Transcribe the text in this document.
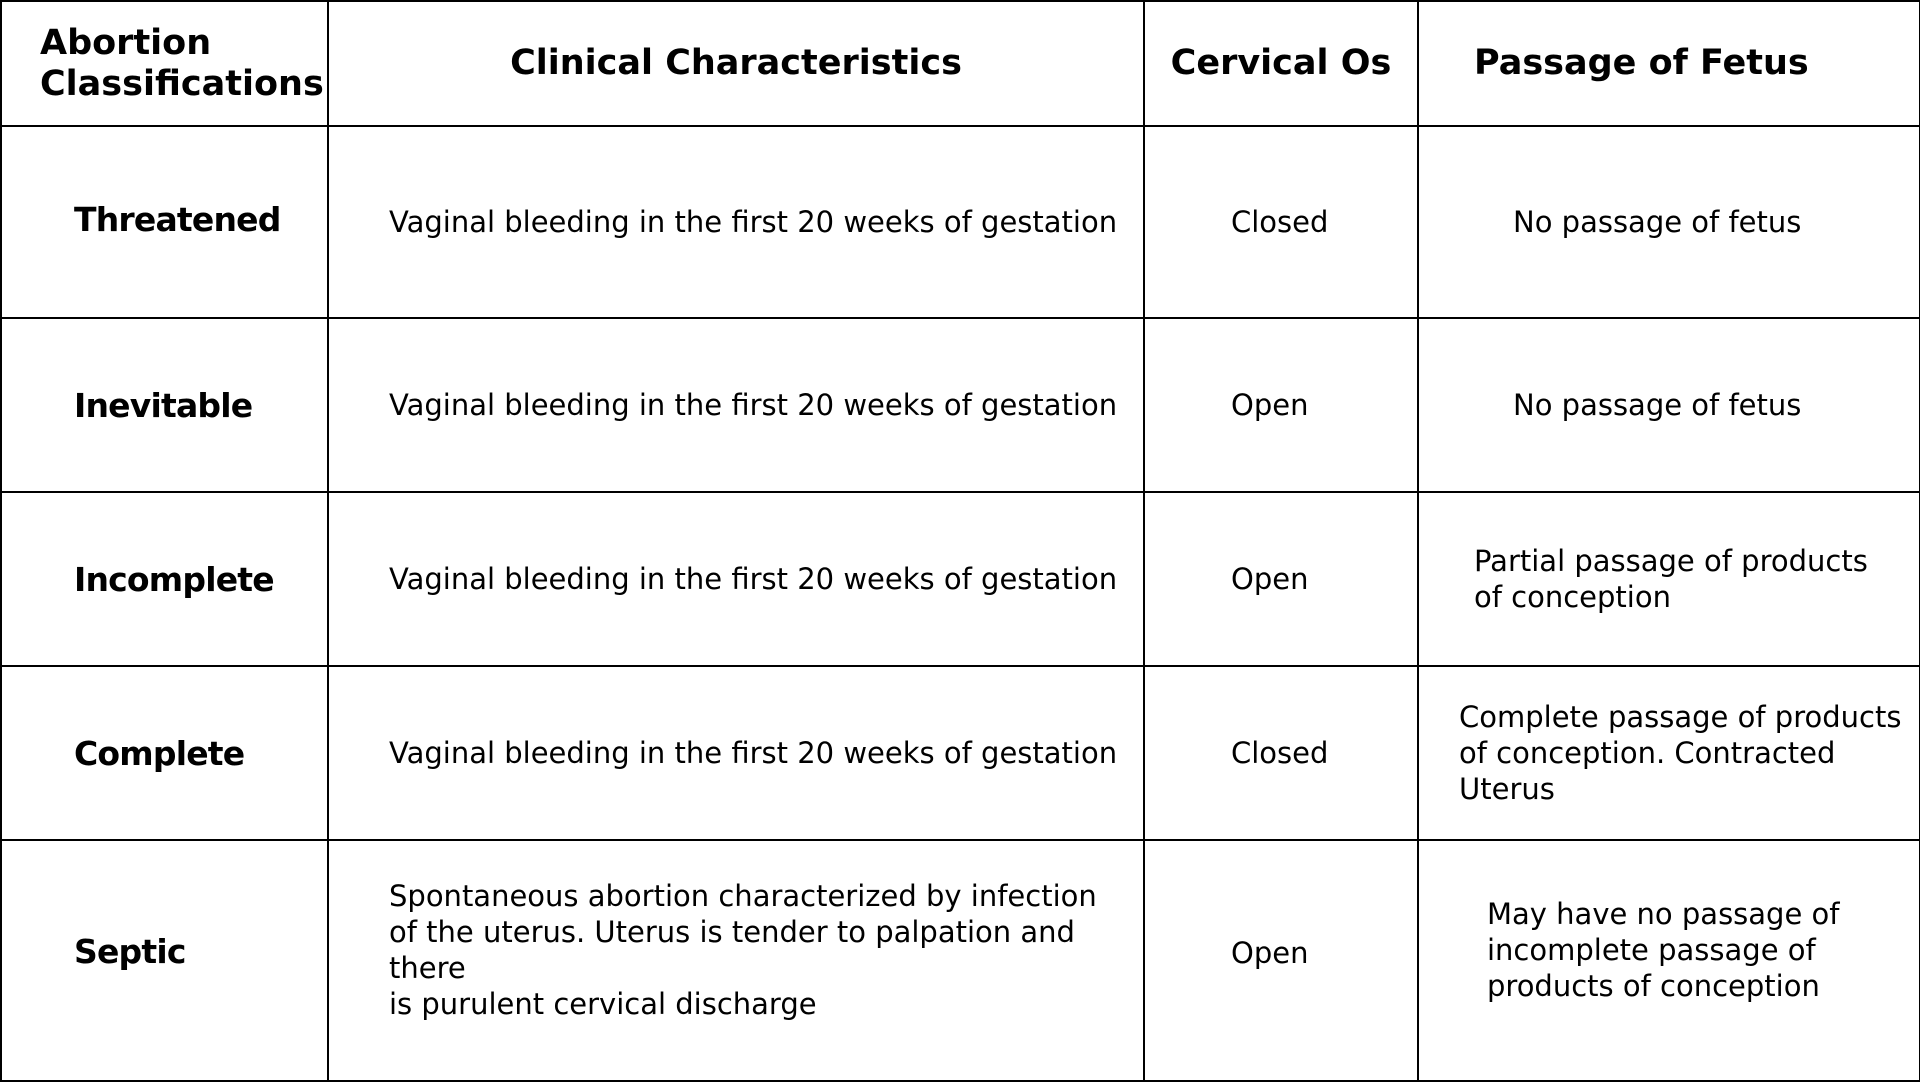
Abortion
Classifications	Clinical Characteristics	Cervical Os	Passage of Fetus
Threatened	Vaginal bleeding in the first 20 weeks of gestation	Closed	No passage of fetus
Inevitable	Vaginal bleeding in the first 20 weeks of gestation	Open	No passage of fetus
Incomplete	Vaginal bleeding in the first 20 weeks of gestation	Open	Partial passage of products
of conception
Complete	Vaginal bleeding in the first 20 weeks of gestation	Closed	Complete passage of products
of conception. Contracted Uterus
Septic	Spontaneous abortion characterized by infection
of the uterus. Uterus is tender to palpation and there
is purulent cervical discharge	Open	May have no passage of
incomplete passage of
products of conception
